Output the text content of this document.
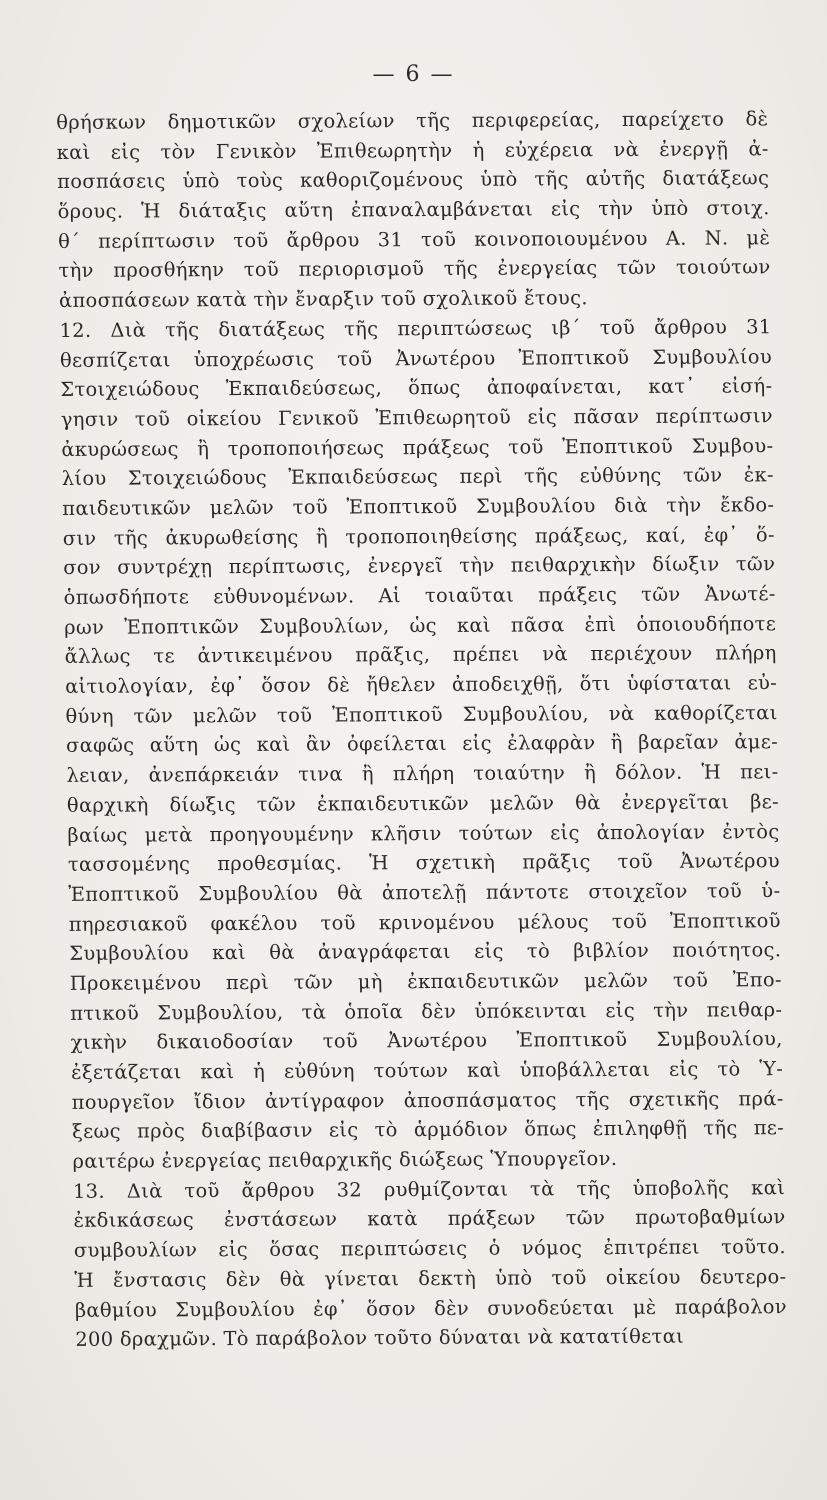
— 6 —
θρήσκων δημοτικῶν σχολείων τῆς περιφερείας, παρείχετο δὲ
καὶ εἰς τὸν Γενικὸν Ἐπιθεωρητὴν ἡ εὐχέρεια νὰ ἐνεργῇ ἀ-
ποσπάσεις ὑπὸ τοὺς καθοριζομένους ὑπὸ τῆς αὐτῆς διατάξεως
ὅρους. Ἡ διάταξις αὕτη ἐπαναλαμβάνεται εἰς τὴν ὑπὸ στοιχ.
θ΄ περίπτωσιν τοῦ ἄρθρου 31 τοῦ κοινοποιουμένου Α. Ν. μὲ
τὴν προσθήκην τοῦ περιορισμοῦ τῆς ἐνεργείας τῶν τοιούτων
ἀποσπάσεων κατὰ τὴν ἔναρξιν τοῦ σχολικοῦ ἔτους.
12. Διὰ τῆς διατάξεως τῆς περιπτώσεως ιβ΄ τοῦ ἄρθρου 31
θεσπίζεται ὑποχρέωσις τοῦ Ἀνωτέρου Ἐποπτικοῦ Συμβουλίου
Στοιχειώδους Ἐκπαιδεύσεως, ὅπως ἀποφαίνεται, κατ᾿ εἰσή-
γησιν τοῦ οἰκείου Γενικοῦ Ἐπιθεωρητοῦ εἰς πᾶσαν περίπτωσιν
ἀκυρώσεως ἢ τροποποιήσεως πράξεως τοῦ Ἐποπτικοῦ Συμβου-
λίου Στοιχειώδους Ἐκπαιδεύσεως περὶ τῆς εὐθύνης τῶν ἐκ-
παιδευτικῶν μελῶν τοῦ Ἐποπτικοῦ Συμβουλίου διὰ τὴν ἔκδο-
σιν τῆς ἀκυρωθείσης ἢ τροποποιηθείσης πράξεως, καί, ἐφ᾿ ὅ-
σον συντρέχῃ περίπτωσις, ἐνεργεῖ τὴν πειθαρχικὴν δίωξιν τῶν
ὁπωσδήποτε εὐθυνομένων. Αἱ τοιαῦται πράξεις τῶν Ἀνωτέ-
ρων Ἐποπτικῶν Συμβουλίων, ὡς καὶ πᾶσα ἐπὶ ὁποιουδήποτε
ἄλλως τε ἀντικειμένου πρᾶξις, πρέπει νὰ περιέχουν πλήρη
αἰτιολογίαν, ἐφ᾿ ὅσον δὲ ἤθελεν ἀποδειχθῇ, ὅτι ὑφίσταται εὐ-
θύνη τῶν μελῶν τοῦ Ἐποπτικοῦ Συμβουλίου, νὰ καθορίζεται
σαφῶς αὕτη ὡς καὶ ἂν ὀφείλεται εἰς ἐλαφρὰν ἢ βαρεῖαν ἀμε-
λειαν, ἀνεπάρκειάν τινα ἢ πλήρη τοιαύτην ἢ δόλον. Ἡ πει-
θαρχικὴ δίωξις τῶν ἐκπαιδευτικῶν μελῶν θὰ ἐνεργεῖται βε-
βαίως μετὰ προηγουμένην κλῆσιν τούτων εἰς ἀπολογίαν ἐντὸς
τασσομένης προθεσμίας. Ἡ σχετικὴ πρᾶξις τοῦ Ἀνωτέρου
Ἐποπτικοῦ Συμβουλίου θὰ ἀποτελῇ πάντοτε στοιχεῖον τοῦ ὑ-
πηρεσιακοῦ φακέλου τοῦ κρινομένου μέλους τοῦ Ἐποπτικοῦ
Συμβουλίου καὶ θὰ ἀναγράφεται εἰς τὸ βιβλίον ποιότητος.
Προκειμένου περὶ τῶν μὴ ἐκπαιδευτικῶν μελῶν τοῦ Ἐπο-
πτικοῦ Συμβουλίου, τὰ ὁποῖα δὲν ὑπόκεινται εἰς τὴν πειθαρ-
χικὴν δικαιοδοσίαν τοῦ Ἀνωτέρου Ἐποπτικοῦ Συμβουλίου,
ἐξετάζεται καὶ ἡ εὐθύνη τούτων καὶ ὑποβάλλεται εἰς τὸ Ὑ-
πουργεῖον ἴδιον ἀντίγραφον ἀποσπάσματος τῆς σχετικῆς πρά-
ξεως πρὸς διαβίβασιν εἰς τὸ ἁρμόδιον ὅπως ἐπιληφθῇ τῆς πε-
ραιτέρω ἐνεργείας πειθαρχικῆς διώξεως Ὑπουργεῖον.
13. Διὰ τοῦ ἄρθρου 32 ρυθμίζονται τὰ τῆς ὑποβολῆς καὶ
ἐκδικάσεως ἐνστάσεων κατὰ πράξεων τῶν πρωτοβαθμίων
συμβουλίων εἰς ὅσας περιπτώσεις ὁ νόμος ἐπιτρέπει τοῦτο.
Ἡ ἔνστασις δὲν θὰ γίνεται δεκτὴ ὑπὸ τοῦ οἰκείου δευτερο-
βαθμίου Συμβουλίου ἐφ᾿ ὅσον δὲν συνοδεύεται μὲ παράβολον
200 δραχμῶν. Τὸ παράβολον τοῦτο δύναται νὰ κατατίθεται
